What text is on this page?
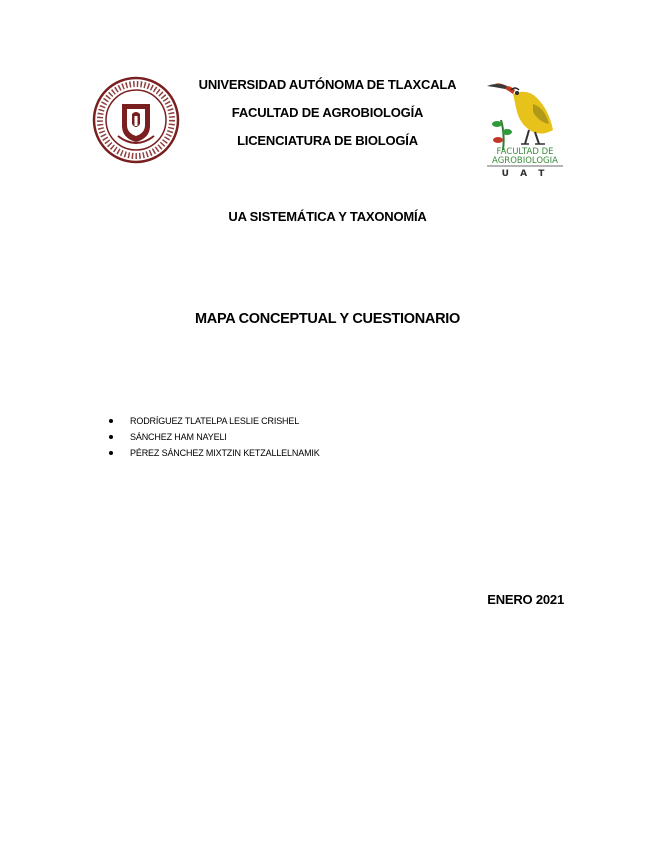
UNIVERSIDAD AUTÓNOMA DE TLAXCALA
FACULTAD DE AGROBIOLOGÍA
LICENCIATURA DE BIOLOGÍA
FACULTAD DE
AGROBIOLOGIA
U A T
UA SISTEMÁTICA Y TAXONOMÍA
MAPA CONCEPTUAL Y CUESTIONARIO
RODRÍGUEZ TLATELPA LESLIE CRISHEL
SÁNCHEZ HAM NAYELI
PÉREZ SÁNCHEZ MIXTZIN KETZALLELNAMIK
ENERO 2021
